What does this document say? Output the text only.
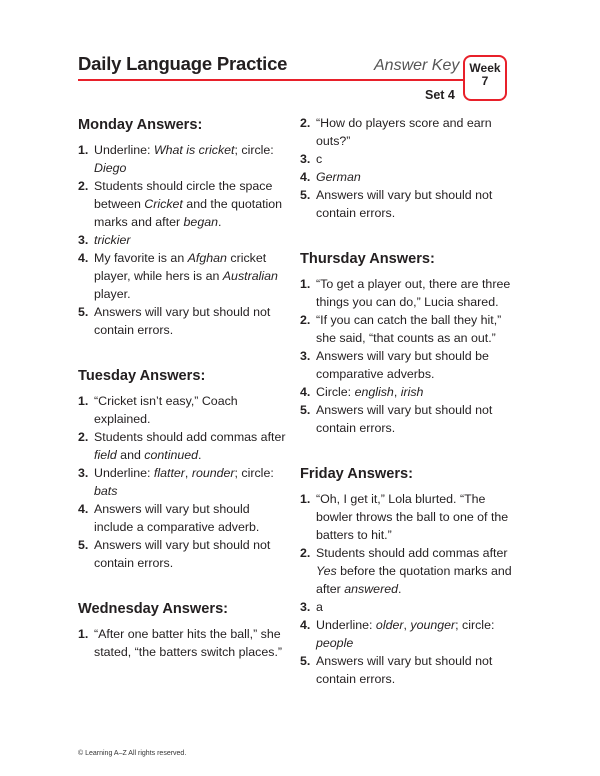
Daily Language Practice	Answer Key
Set 4
Week
7
Monday Answers:
1. Underline: What is cricket; circle: Diego
2. Students should circle the space between Cricket and the quotation marks and after began.
3. trickier
4. My favorite is an Afghan cricket player, while hers is an Australian player.
5. Answers will vary but should not contain errors.
Tuesday Answers:
1. “Cricket isn’t easy,” Coach explained.
2. Students should add commas after field and continued.
3. Underline: flatter, rounder; circle: bats
4. Answers will vary but should include a comparative adverb.
5. Answers will vary but should not contain errors.
Wednesday Answers:
1. “After one batter hits the ball,” she stated, “the batters switch places.”
2. “How do players score and earn outs?”
3. c
4. German
5. Answers will vary but should not contain errors.
Thursday Answers:
1. “To get a player out, there are three things you can do,” Lucia shared.
2. “If you can catch the ball they hit,” she said, “that counts as an out.”
3. Answers will vary but should be comparative adverbs.
4. Circle: english, irish
5. Answers will vary but should not contain errors.
Friday Answers:
1. “Oh, I get it,” Lola blurted. “The bowler throws the ball to one of the batters to hit.”
2. Students should add commas after Yes before the quotation marks and after answered.
3. a
4. Underline: older, younger; circle: people
5. Answers will vary but should not contain errors.
© Learning A–Z All rights reserved.
